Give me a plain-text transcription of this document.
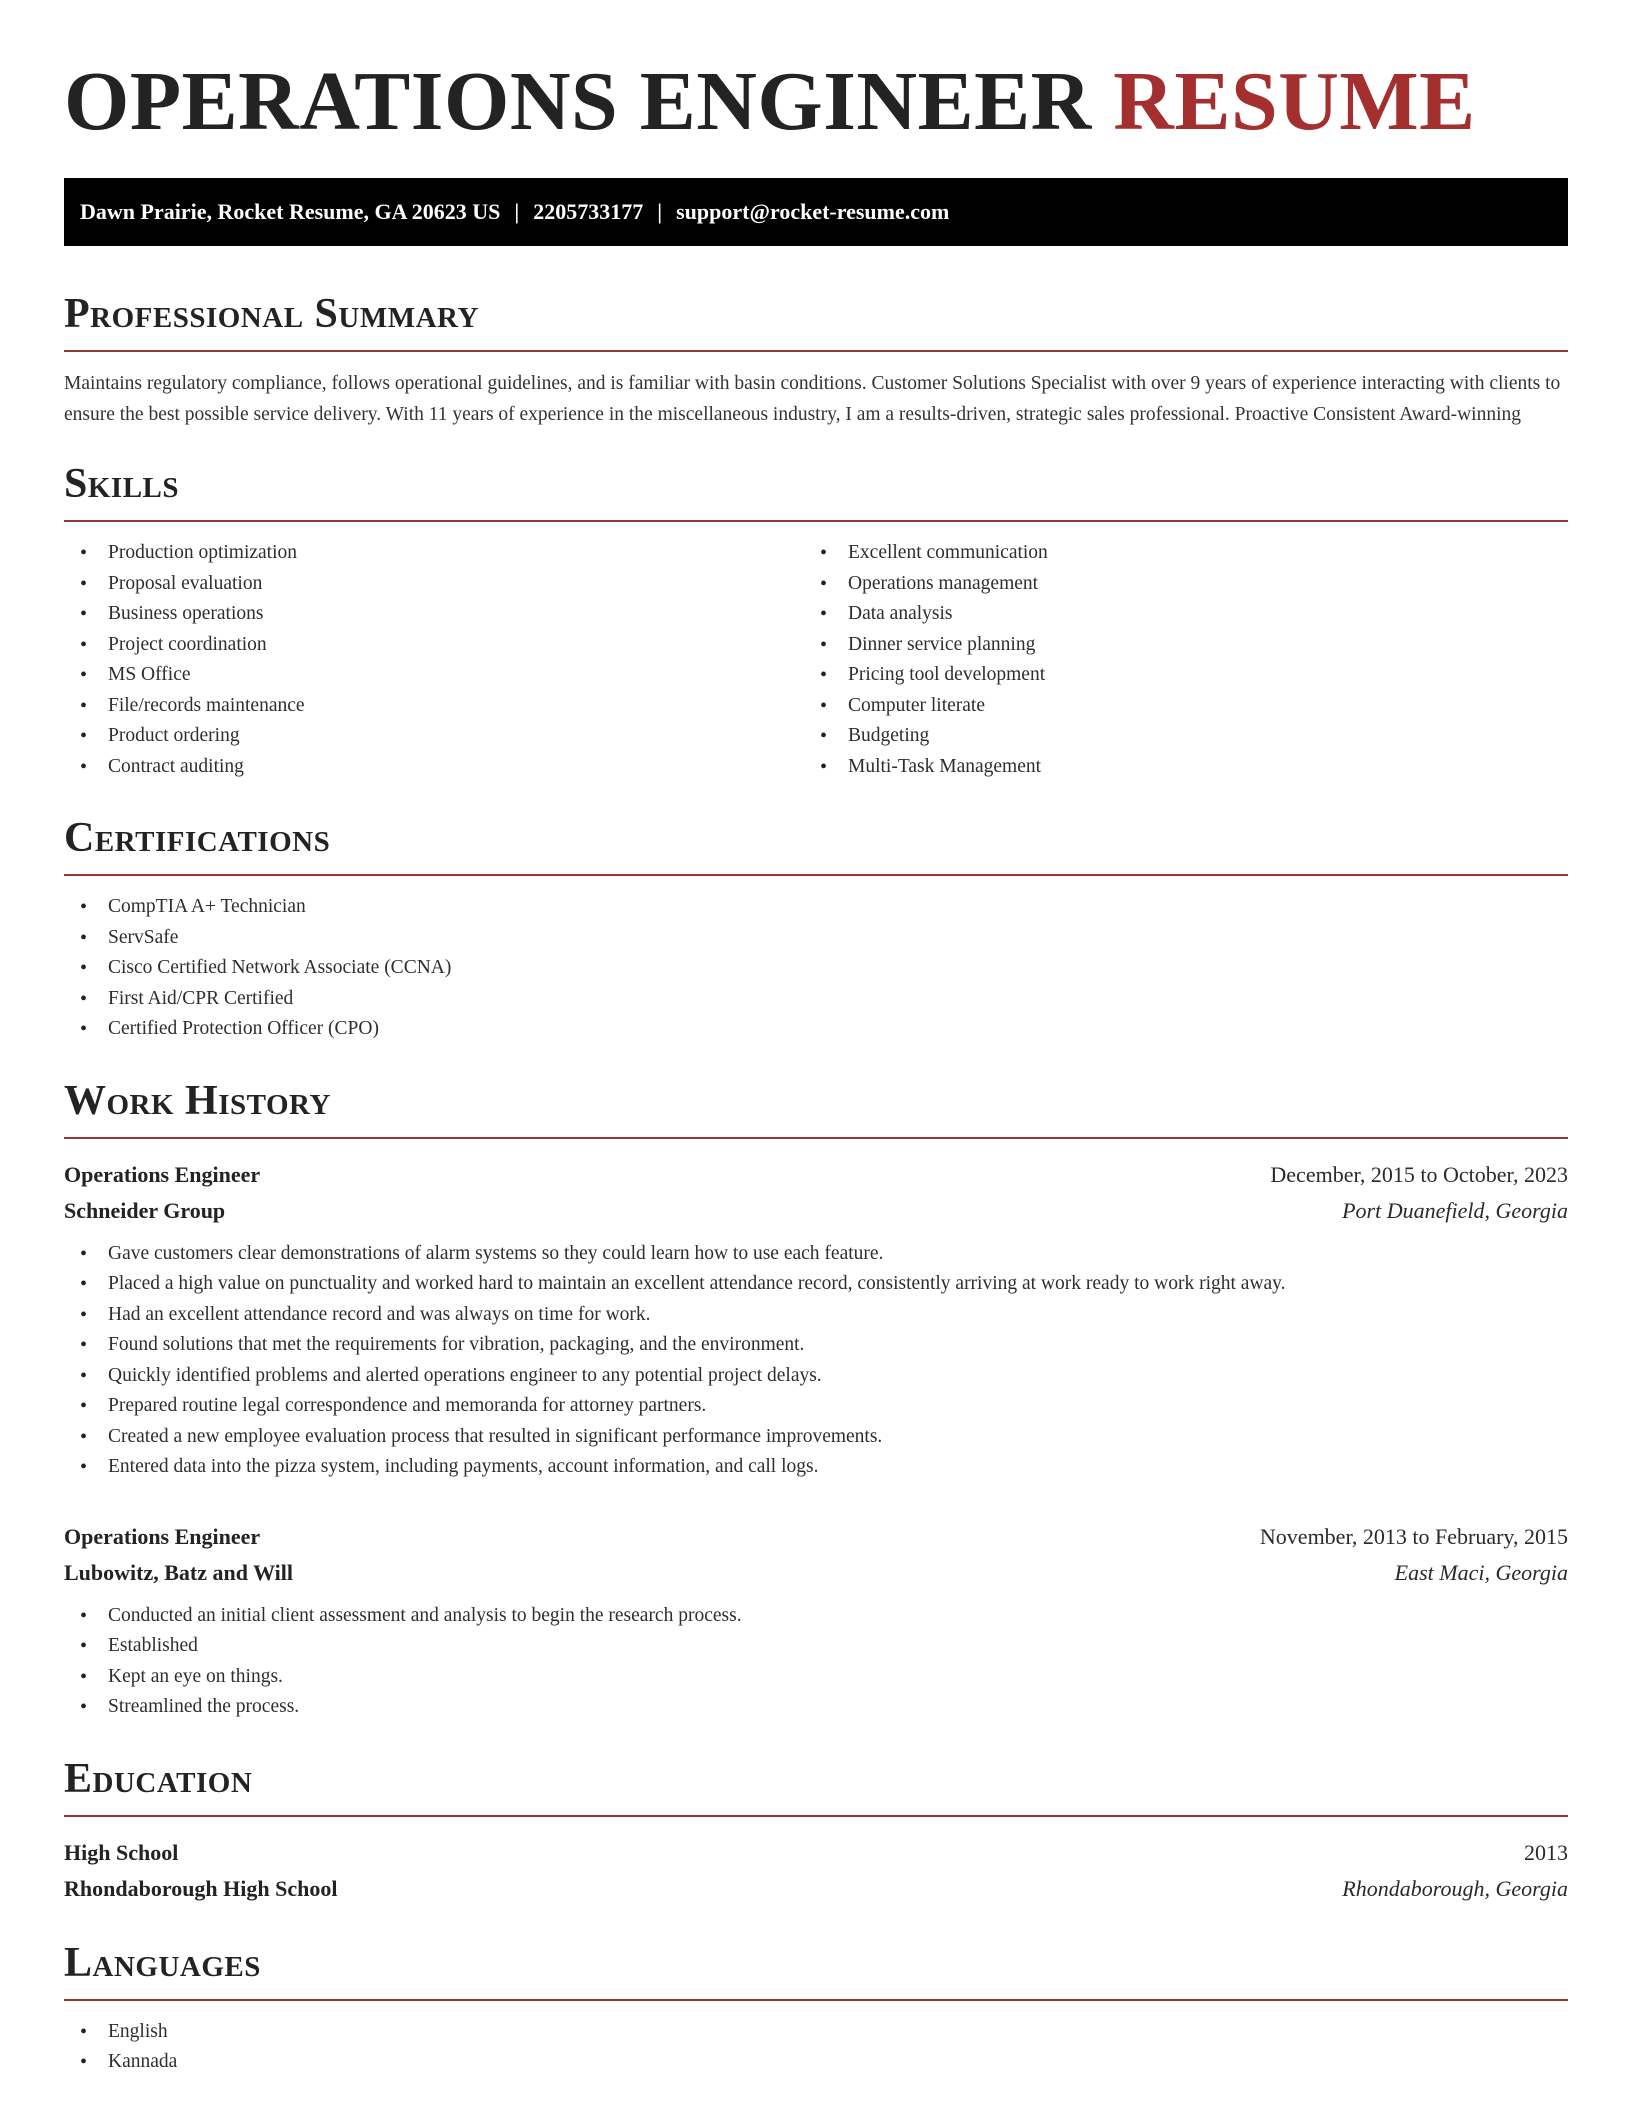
OPERATIONS ENGINEER RESUME
Dawn Prairie, Rocket Resume, GA 20623 US | 2205733177 | support@rocket-resume.com
Professional Summary

Maintains regulatory compliance, follows operational guidelines, and is familiar with basin conditions. Customer Solutions Specialist with over 9 years of experience interacting with clients to ensure the best possible service delivery. With 11 years of experience in the miscellaneous industry, I am a results-driven, strategic sales professional. Proactive Consistent Award-winning

Skills
• Production optimization
• Proposal evaluation
• Business operations
• Project coordination
• MS Office
• File/records maintenance
• Product ordering
• Contract auditing
• Excellent communication
• Operations management
• Data analysis
• Dinner service planning
• Pricing tool development
• Computer literate
• Budgeting
• Multi-Task Management
Certifications
• CompTIA A+ Technician
• ServSafe
• Cisco Certified Network Associate (CCNA)
• First Aid/CPR Certified
• Certified Protection Officer (CPO)
Work History
Operations Engineer	December, 2015 to October, 2023
Schneider Group	Port Duanefield, Georgia
• Gave customers clear demonstrations of alarm systems so they could learn how to use each feature.
• Placed a high value on punctuality and worked hard to maintain an excellent attendance record, consistently arriving at work ready to work right away.
• Had an excellent attendance record and was always on time for work.
• Found solutions that met the requirements for vibration, packaging, and the environment.
• Quickly identified problems and alerted operations engineer to any potential project delays.
• Prepared routine legal correspondence and memoranda for attorney partners.
• Created a new employee evaluation process that resulted in significant performance improvements.
• Entered data into the pizza system, including payments, account information, and call logs.
Operations Engineer	November, 2013 to February, 2015
Lubowitz, Batz and Will	East Maci, Georgia
• Conducted an initial client assessment and analysis to begin the research process.
• Established
• Kept an eye on things.
• Streamlined the process.
Education
High School	2013
Rhondaborough High School	Rhondaborough, Georgia
Languages
• English
• Kannada
